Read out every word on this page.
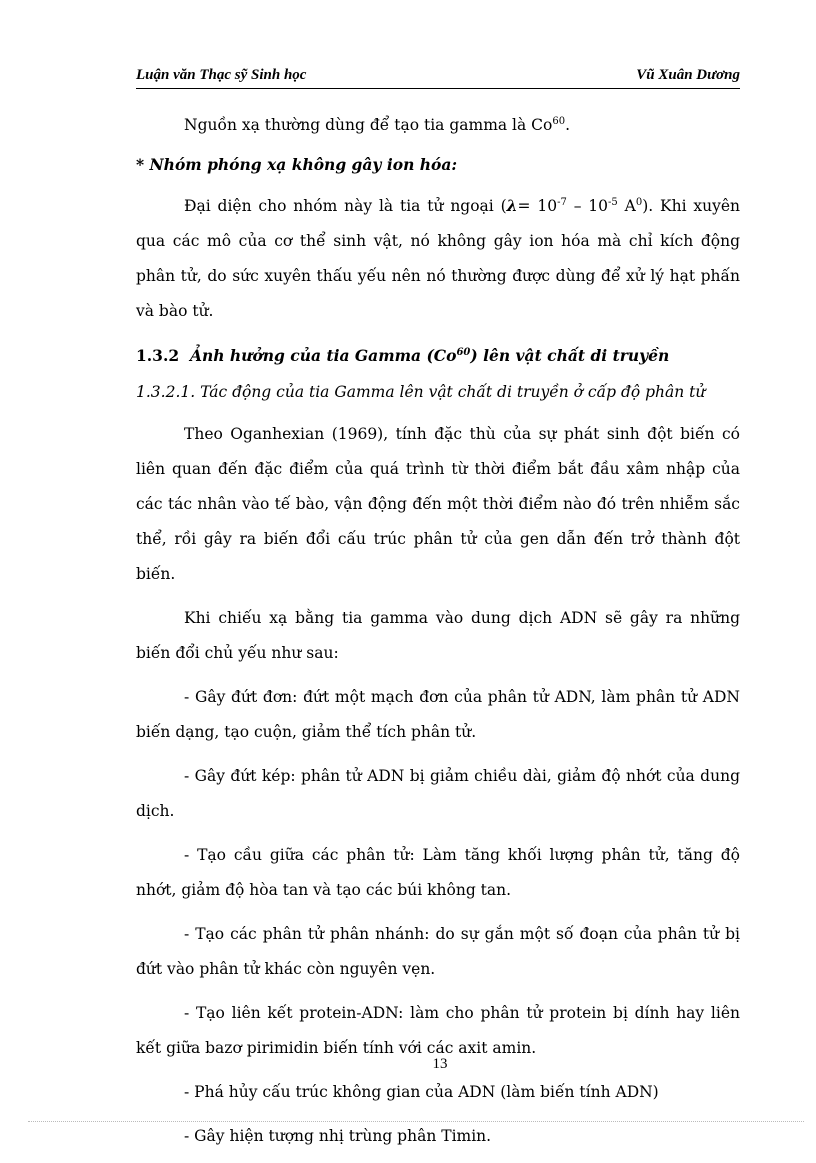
Luận văn Thạc sỹ Sinh học	Vũ Xuân Dương

Nguồn xạ thường dùng để tạo tia gamma là Co$^{60}$.

* Nhóm phóng xạ không gây ion hóa:

Đại diện cho nhóm này là tia tử ngoại ($\lambda= 10^{-7} - 10^{-5}$ $A^0$). Khi xuyên qua các mô của cơ thể sinh vật, nó không gây ion hóa mà chỉ kích động phân tử, do sức xuyên thấu yếu nên nó thường được dùng để xử lý hạt phấn và bào tử.

1.3.2 Ảnh hưởng của tia Gamma (Co$^{60}$) lên vật chất di truyền

1.3.2.1. Tác động của tia Gamma lên vật chất di truyền ở cấp độ phân tử

Theo Oganhexian (1969), tính đặc thù của sự phát sinh đột biến có liên quan đến đặc điểm của quá trình từ thời điểm bắt đầu xâm nhập của các tác nhân vào tế bào, vận động đến một thời điểm nào đó trên nhiễm sắc thể, rồi gây ra biến đổi cấu trúc phân tử của gen dẫn đến trở thành đột biến.

Khi chiếu xạ bằng tia gamma vào dung dịch ADN sẽ gây ra những biến đổi chủ yếu như sau:

- Gây đứt đơn: đứt một mạch đơn của phân tử ADN, làm phân tử ADN biến dạng, tạo cuộn, giảm thể tích phân tử.

- Gây đứt kép: phân tử ADN bị giảm chiều dài, giảm độ nhớt của dung dịch.

- Tạo cầu giữa các phân tử: Làm tăng khối lượng phân tử, tăng độ nhớt, giảm độ hòa tan và tạo các búi không tan.

- Tạo các phân tử phân nhánh: do sự gắn một số đoạn của phân tử bị đứt vào phân tử khác còn nguyên vẹn.

- Tạo liên kết protein-ADN: làm cho phân tử protein bị dính hay liên kết giữa bazơ pirimidin biến tính với các axit amin.

- Phá hủy cấu trúc không gian của ADN (làm biến tính ADN)

- Gây hiện tượng nhị trùng phân Timin.

13
